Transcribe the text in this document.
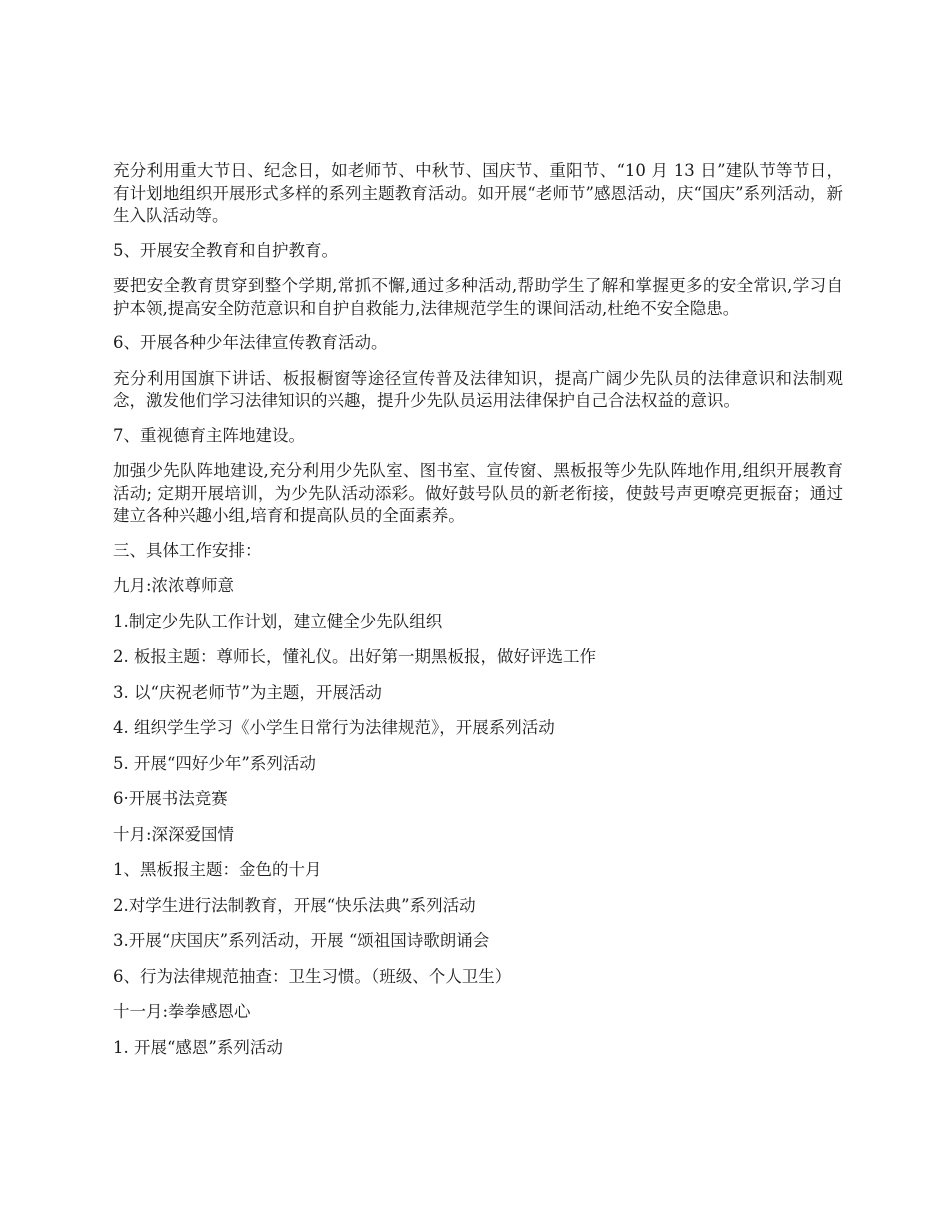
充分利用重大节日、纪念日，如老师节、中秋节、国庆节、重阳节、“10 月 13 日”建队节等节日，有计划地组织开展形式多样的系列主题教育活动。如开展“老师节”感恩活动，庆“国庆”系列活动，新生入队活动等。

5、开展安全教育和自护教育。

要把安全教育贯穿到整个学期,常抓不懈,通过多种活动,帮助学生了解和掌握更多的安全常识,学习自护本领,提高安全防范意识和自护自救能力,法律规范学生的课间活动,杜绝不安全隐患。

6、开展各种少年法律宣传教育活动。

充分利用国旗下讲话、板报橱窗等途径宣传普及法律知识，提高广阔少先队员的法律意识和法制观念，激发他们学习法律知识的兴趣，提升少先队员运用法律保护自己合法权益的意识。

7、重视德育主阵地建设。

加强少先队阵地建设,充分利用少先队室、图书室、宣传窗、黑板报等少先队阵地作用,组织开展教育活动; 定期开展培训，为少先队活动添彩。做好鼓号队员的新老衔接，使鼓号声更嘹亮更振奋；通过建立各种兴趣小组,培育和提高队员的全面素养。

三、具体工作安排：

九月:浓浓尊师意

1.制定少先队工作计划，建立健全少先队组织

2. 板报主题：尊师长，懂礼仪。出好第一期黑板报，做好评选工作

3. 以“庆祝老师节”为主题，开展活动

4. 组织学生学习《小学生日常行为法律规范》，开展系列活动

5. 开展“四好少年”系列活动

6·开展书法竞赛

十月:深深爱国情

1、黑板报主题：金色的十月

2.对学生进行法制教育，开展“快乐法典”系列活动

3.开展“庆国庆”系列活动，开展 “颂祖国诗歌朗诵会

6、行为法律规范抽查：卫生习惯。（班级、个人卫生）

十一月:拳拳感恩心

1. 开展“感恩”系列活动
